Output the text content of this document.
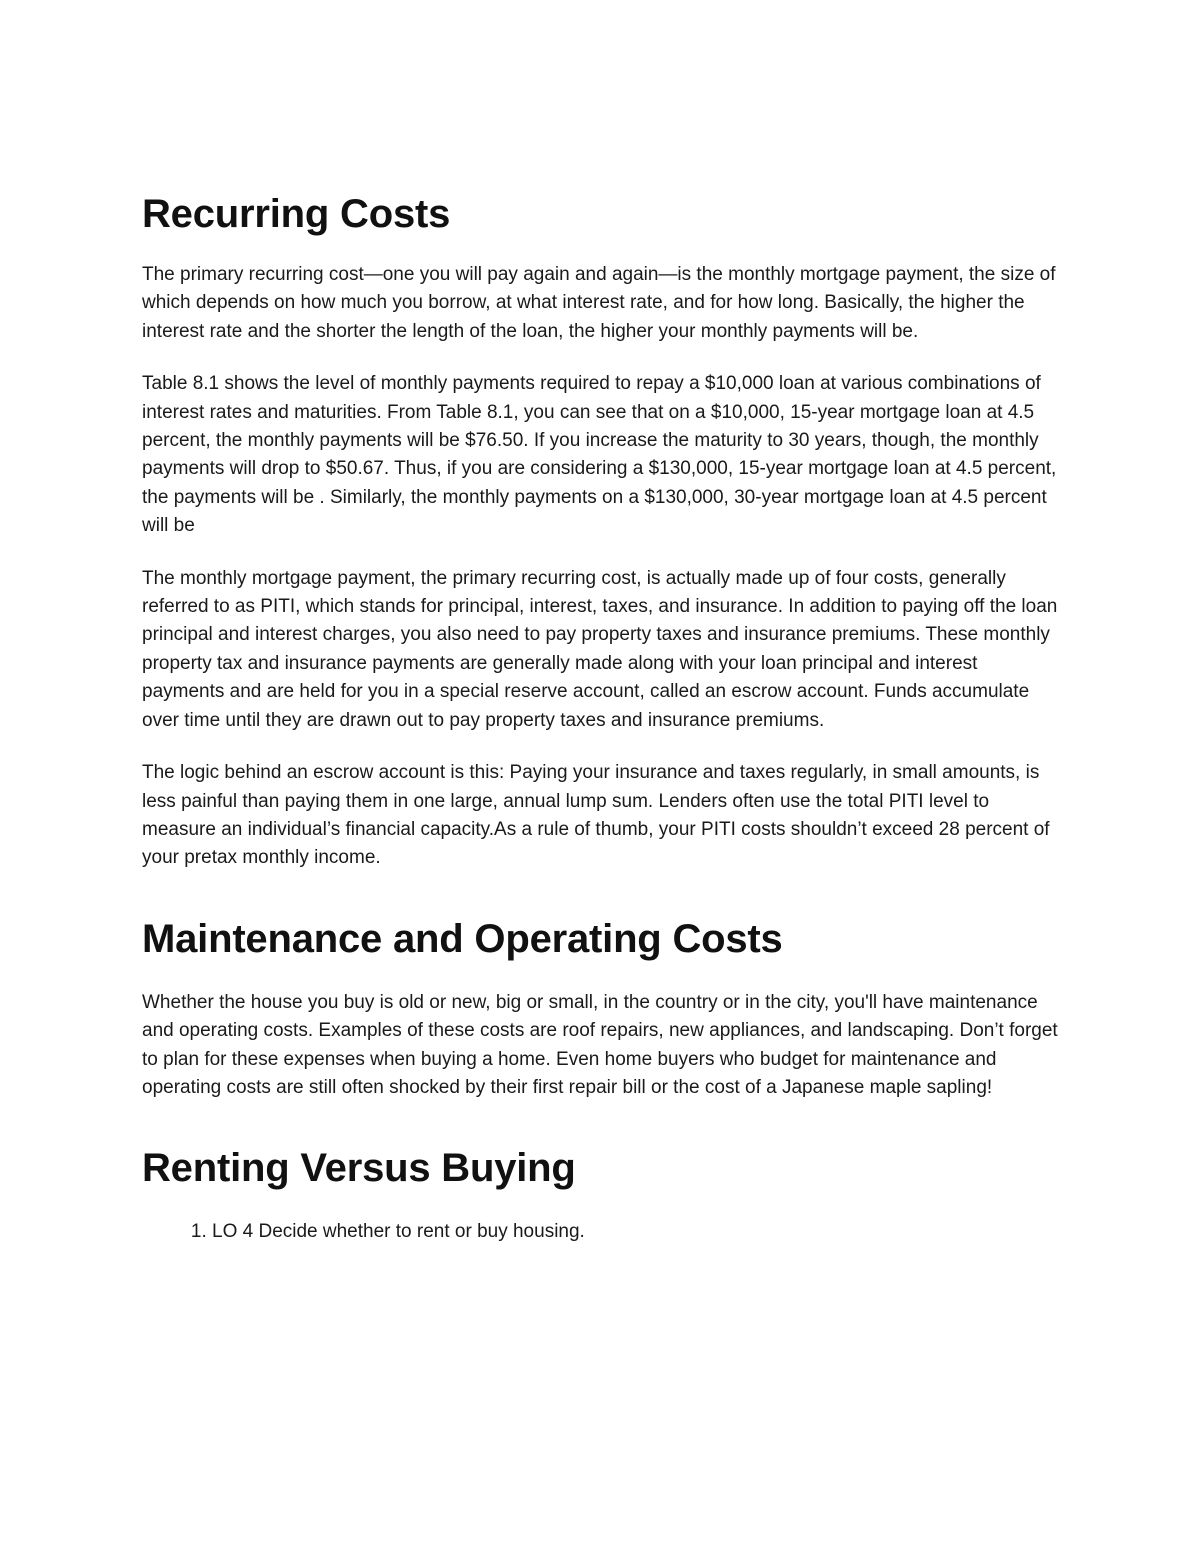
Recurring Costs

The primary recurring cost—one you will pay again and again—is the monthly mortgage payment, the size of which depends on how much you borrow, at what interest rate, and for how long. Basically, the higher the interest rate and the shorter the length of the loan, the higher your monthly payments will be.

Table 8.1 shows the level of monthly payments required to repay a $10,000 loan at various combinations of interest rates and maturities. From Table 8.1, you can see that on a $10,000, 15-year mortgage loan at 4.5 percent, the monthly payments will be $76.50. If you increase the maturity to 30 years, though, the monthly payments will drop to $50.67. Thus, if you are considering a $130,000, 15-year mortgage loan at 4.5 percent, the payments will be . Similarly, the monthly payments on a $130,000, 30-year mortgage loan at 4.5 percent will be

The monthly mortgage payment, the primary recurring cost, is actually made up of four costs, generally referred to as PITI, which stands for principal, interest, taxes, and insurance. In addition to paying off the loan principal and interest charges, you also need to pay property taxes and insurance premiums. These monthly property tax and insurance payments are generally made along with your loan principal and interest payments and are held for you in a special reserve account, called an escrow account. Funds accumulate over time until they are drawn out to pay property taxes and insurance premiums.

The logic behind an escrow account is this: Paying your insurance and taxes regularly, in small amounts, is less painful than paying them in one large, annual lump sum. Lenders often use the total PITI level to measure an individual’s financial capacity.As a rule of thumb, your PITI costs shouldn’t exceed 28 percent of your pretax monthly income.

Maintenance and Operating Costs

Whether the house you buy is old or new, big or small, in the country or in the city, you'll have maintenance and operating costs. Examples of these costs are roof repairs, new appliances, and landscaping. Don’t forget to plan for these expenses when buying a home. Even home buyers who budget for maintenance and operating costs are still often shocked by their first repair bill or the cost of a Japanese maple sapling!

Renting Versus Buying
1. LO 4 Decide whether to rent or buy housing.
